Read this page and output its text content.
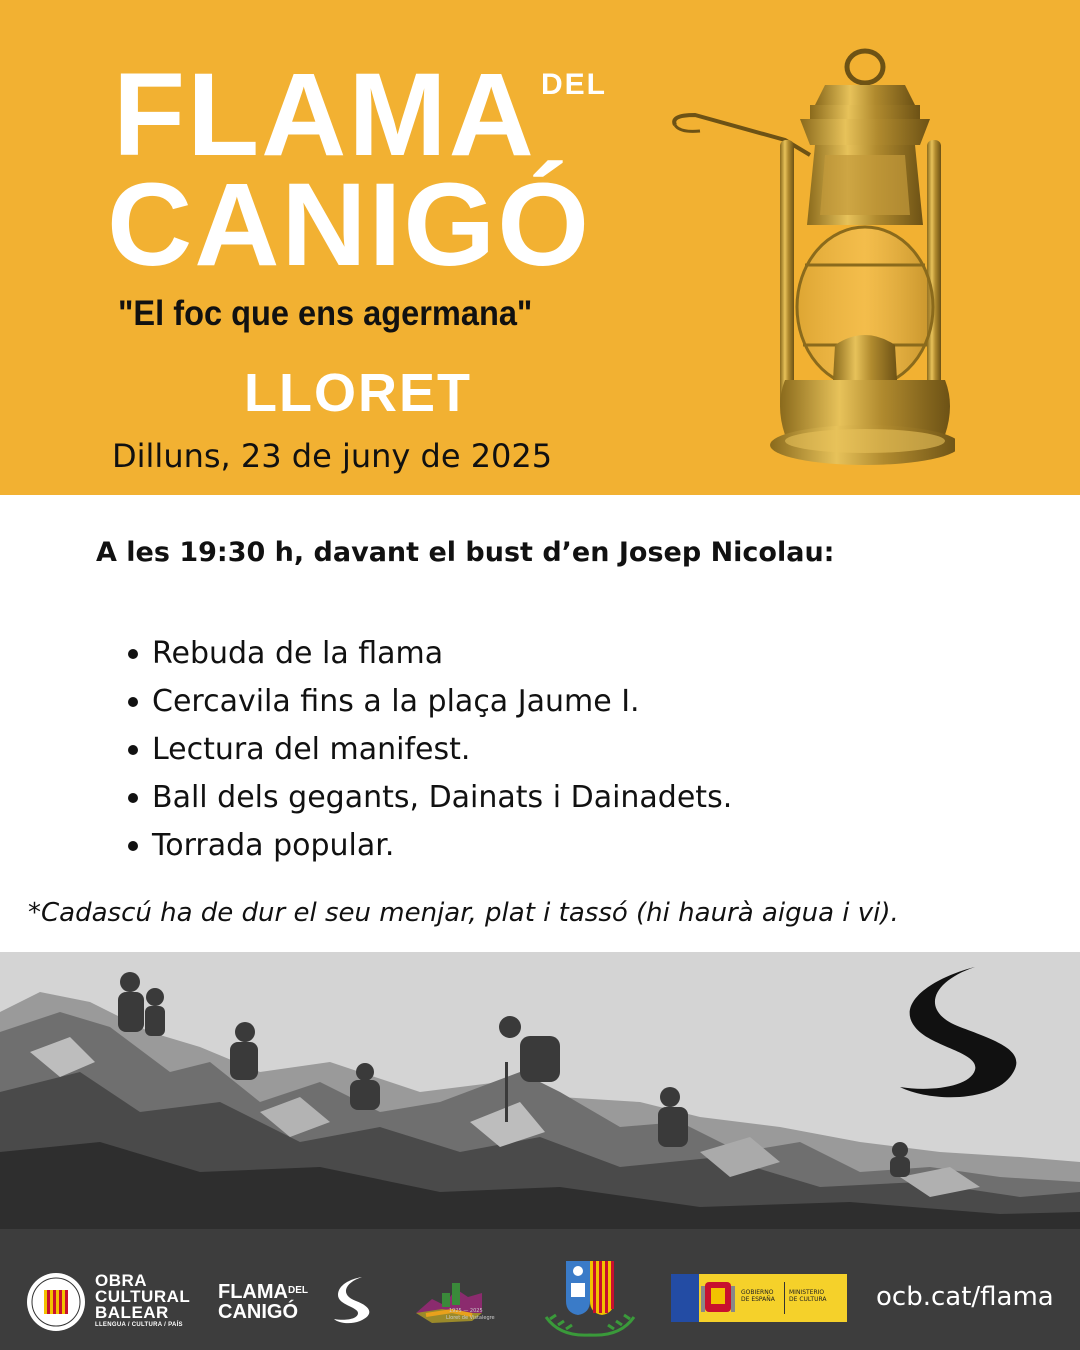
FLAMA DEL
CANIGÓ
"El foc que ens agermana"
LLORET
Dilluns, 23 de juny de 2025
A les 19:30 h, davant el bust d’en Josep Nicolau:
Rebuda de la flama
Cercavila fins a la plaça Jaume I.
Lectura del manifest.
Ball dels gegants, Dainats i Dainadets.
Torrada popular.
*Cadascú ha de dur el seu menjar, plat i tassó (hi haurà aigua i vi).
OBRA
CULTURAL
BALEAR
LLENGUA / CULTURA / PAÍS
$FLAMA^{DEL}$
CANIGÓ	1925 — 2025
Lloret de Vistalegre
GOBIERNO
DE ESPAÑA
MINISTERIO
DE CULTURA ocb.cat/flama
